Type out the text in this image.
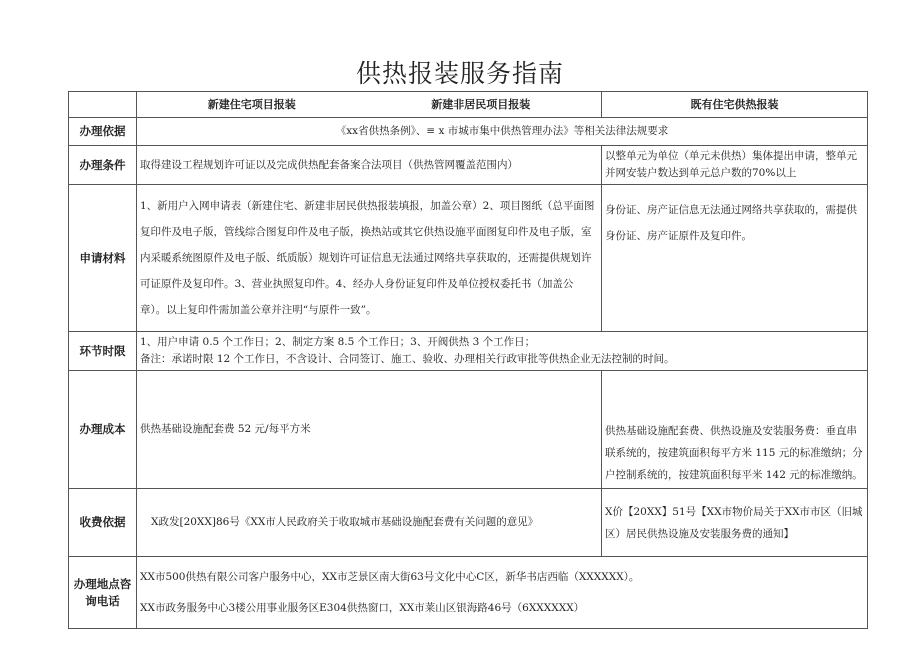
供热报装服务指南

	新建住宅项目报装 新建非居民项目报装	既有住宅供热报装
办理依据	《xx省供热条例》、≡ x 市城市集中供热管理办法》等相关法律法规要求	
办理条件	取得建设工程规划许可证以及完成供热配套备案合法项目（供热管网覆盖范围内）	以整单元为单位（单元未供热）集体提出申请，整单元并网安装户数达到单元总户数的70%以上
申请材料	1、新用户入网申请表（新建住宅、新建非居民供热报装填报，加盖公章）2、项目图纸（总平面图复印件及电子版，管线综合图复印件及电子版，换热站或其它供热设施平面图复印件及电子版，室内采暖系统图原件及电子版、纸质版）规划许可证信息无法通过网络共享获取的，还需提供规划许可证原件及复印件。3、营业执照复印件。4、经办人身份证复印件及单位授权委托书（加盖公章）。以上复印件需加盖公章并注明“与原件一致”。	身份证、房产证信息无法通过网络共享获取的，需提供身份证、房产证原件及复印件。
环节时限	1、用户申请 0.5 个工作日；2、制定方案 8.5 个工作日；3、开阀供热 3 个工作日；
备注：承诺时限 12 个工作日，不含设计、合同签订、施工、验收、办理相关行政审批等供热企业无法控制的时间。	

办理成本	供热基础设施配套费 52 元/每平方米	供热基础设施配套费、供热设施及安装服务费：垂直串联系统的，按建筑面积每平方米 115 元的标准缴纳；分户控制系统的，按建筑面积每平米 142 元的标准缴纳。
收费依据	X政发[20XX]86号《XX市人民政府关于收取城市基础设施配套费有关问题的意见》	X价【20XX】51号【XX市物价局关于XX市市区（旧城区）居民供热设施及安装服务费的通知】
办理地点咨询电话	XX市500供热有限公司客户服务中心，XX市芝景区南大街63号文化中心C区，新华书店西临（XXXXXX）。
XX市政务服务中心3楼公用事业服务区E304供热窗口，XX市莱山区银海路46号（6XXXXXX）	
